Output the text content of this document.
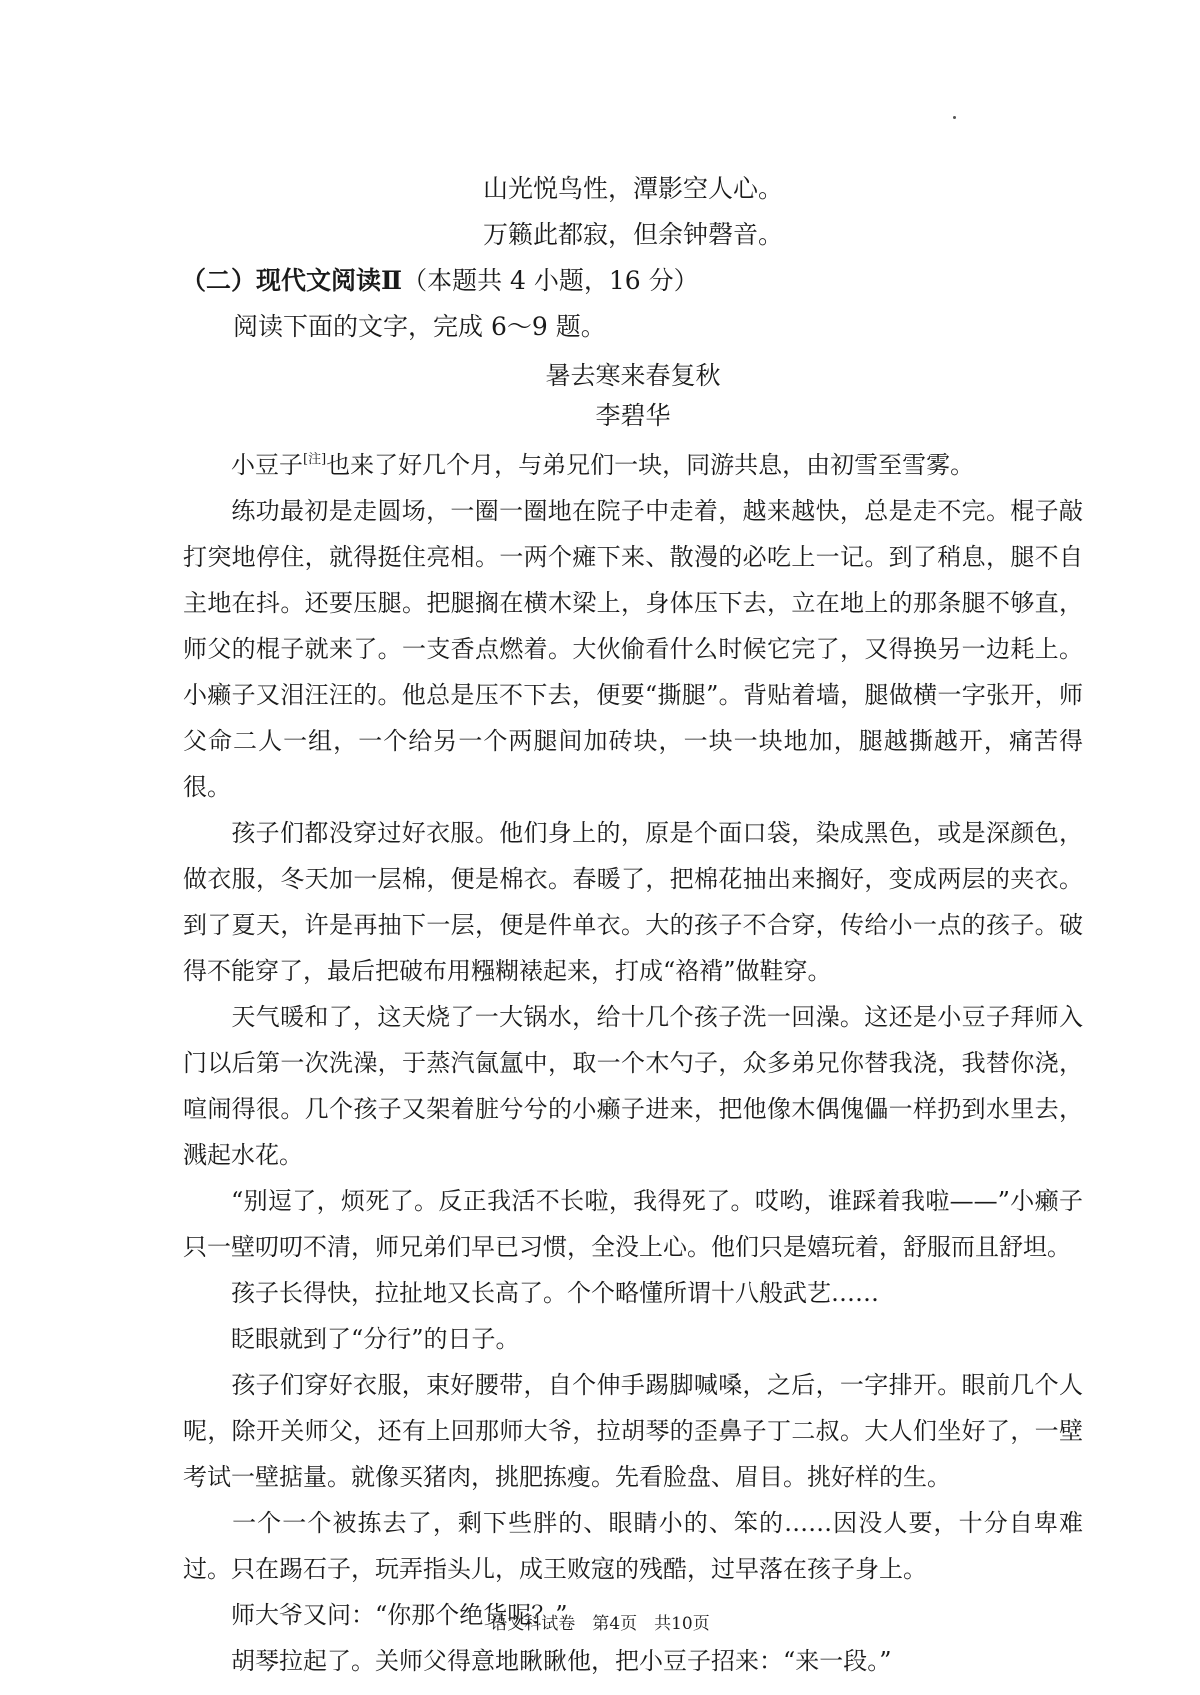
山光悦鸟性，潭影空人心。
万籁此都寂，但余钟磬音。
（二）现代文阅读Ⅱ（本题共 4 小题，16 分）
  阅读下面的文字，完成 6～9 题。
暑去寒来春复秋
李碧华
  小豆子[注]也来了好几个月，与弟兄们一块，同游共息，由初雪至雪雾。
  练功最初是走圆场，一圈一圈地在院子中走着，越来越快，总是走不完。棍子敲打突地停住，就得挺住亮相。一两个瘫下来、散漫的必吃上一记。到了稍息，腿不自主地在抖。还要压腿。把腿搁在横木梁上，身体压下去，立在地上的那条腿不够直，师父的棍子就来了。一支香点燃着。大伙偷看什么时候它完了，又得换另一边耗上。小癞子又泪汪汪的。他总是压不下去，便要“撕腿”。背贴着墙，腿做横一字张开，师父命二人一组，一个给另一个两腿间加砖块，一块一块地加，腿越撕越开，痛苦得很。
  孩子们都没穿过好衣服。他们身上的，原是个面口袋，染成黑色，或是深颜色，做衣服，冬天加一层棉，便是棉衣。春暖了，把棉花抽出来搁好，变成两层的夹衣。到了夏天，许是再抽下一层，便是件单衣。大的孩子不合穿，传给小一点的孩子。破得不能穿了，最后把破布用糨糊裱起来，打成“袼褙”做鞋穿。
  天气暖和了，这天烧了一大锅水，给十几个孩子洗一回澡。这还是小豆子拜师入门以后第一次洗澡，于蒸汽氤氲中，取一个木勺子，众多弟兄你替我浇，我替你浇，喧闹得很。几个孩子又架着脏兮兮的小癞子进来，把他像木偶傀儡一样扔到水里去，溅起水花。
  “别逗了，烦死了。反正我活不长啦，我得死了。哎哟，谁踩着我啦——”小癞子只一壁叨叨不清，师兄弟们早已习惯，全没上心。他们只是嬉玩着，舒服而且舒坦。
  孩子长得快，拉扯地又长高了。个个略懂所谓十八般武艺……
  眨眼就到了“分行”的日子。
  孩子们穿好衣服，束好腰带，自个伸手踢脚喊嗓，之后，一字排开。眼前几个人呢，除开关师父，还有上回那师大爷，拉胡琴的歪鼻子丁二叔。大人们坐好了，一壁考试一壁掂量。就像买猪肉，挑肥拣瘦。先看脸盘、眉目。挑好样的生。
  一个一个被拣去了，剩下些胖的、眼睛小的、笨的……因没人要，十分自卑难过。只在踢石子，玩弄指头儿，成王败寇的残酷，过早落在孩子身上。
  师大爷又问：“你那个绝货呢？”
  胡琴拉起了。关师父得意地瞅瞅他，把小豆子招来：“来一段。”
语文科试卷　第4页　共10页
